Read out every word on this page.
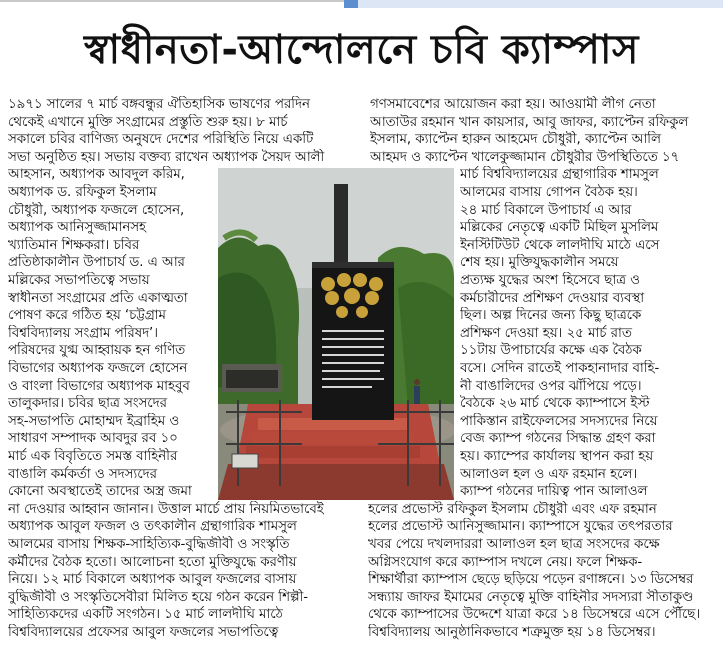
স্বাধীনতা-আন্দোলনে চবি ক্যাম্পাস
১৯৭১ সালের ৭ মার্চ বঙ্গবন্ধুর ঐতিহাসিক ভাষণের পরদিন
থেকেই এখানে মুক্তি সংগ্রামের প্রস্তুতি শুরু হয়। ৮ মার্চ
সকালে চবির বাণিজ্য অনুষদে দেশের পরিস্থিতি নিয়ে একটি
সভা অনুষ্ঠিত হয়। সভায় বক্তব্য রাখেন অধ্যাপক সৈয়দ আলী
আহসান, অধ্যাপক আবদুল করিম,
অধ্যাপক ড. রফিকুল ইসলাম
চৌধুরী, অধ্যাপক ফজলে হোসেন,
অধ্যাপক আনিসুজ্জামানসহ
খ্যাতিমান শিক্ষকরা। চবির
প্রতিষ্ঠাকালীন উপাচার্য ড. এ আর
মল্লিকের সভাপতিত্বে সভায়
স্বাধীনতা সংগ্রামের প্রতি একাত্মতা
পোষণ করে গঠিত হয় ‘চট্টগ্রাম
বিশ্ববিদ্যালয় সংগ্রাম পরিষদ’।
পরিষদের যুগ্ম আহ্বায়ক হন গণিত
বিভাগের অধ্যাপক ফজলে হোসেন
ও বাংলা বিভাগের অধ্যাপক মাহবুব
তালুকদার। চবির ছাত্র সংসদের
সহ-সভাপতি মোহাম্মদ ইব্রাহিম ও
সাধারণ সম্পাদক আবদুর রব ১০
মার্চ এক বিবৃতিতে সমস্ত বাহিনীর
বাঙালি কর্মকর্তা ও সদস্যদের
কোনো অবস্থাতেই তাদের অস্ত্র জমা
না দেওয়ার আহ্বান জানান। উত্তাল মার্চে প্রায় নিয়মিতভাবেই
অধ্যাপক আবুল ফজল ও তৎকালীন গ্রন্থাগারিক শামসুল
আলমের বাসায় শিক্ষক-সাহিত্যিক-বুদ্ধিজীবী ও সংস্কৃতি
কর্মীদের বৈঠক হতো। আলোচনা হতো মুক্তিযুদ্ধে করণীয়
নিয়ে। ১২ মার্চ বিকালে অধ্যাপক আবুল ফজলের বাসায়
বুদ্ধিজীবী ও সংস্কৃতিসেবীরা মিলিত হয়ে গঠন করেন শিল্পী-
সাহিত্যিকদের একটি সংগঠন। ১৫ মার্চ লালদীঘি মাঠে
বিশ্ববিদ্যালয়ের প্রফেসর আবুল ফজলের সভাপতিত্বে
গণসমাবেশের আয়োজন করা হয়। আওয়ামী লীগ নেতা
আতাউর রহমান খান কায়সার, আবু জাফর, ক্যাপ্টেন রফিকুল
ইসলাম, ক্যাপ্টেন হারুন আহমেদ চৌধুরী, ক্যাপ্টেন আলি
আহমদ ও ক্যাপ্টেন খালেকুজ্জামান চৌধুরীর উপস্থিতিতে ১৭
মার্চ বিশ্ববিদ্যালয়ের গ্রন্থাগারিক শামসুল
আলমের বাসায় গোপন বৈঠক হয়।
২৪ মার্চ বিকালে উপাচার্য এ আর
মল্লিকের নেতৃত্বে একটি মিছিল মুসলিম
ইনস্টিটিউট থেকে লালদীঘি মাঠে এসে
শেষ হয়। মুক্তিযুদ্ধকালীন সময়ে
প্রত্যক্ষ যুদ্ধের অংশ হিসেবে ছাত্র ও
কর্মচারীদের প্রশিক্ষণ দেওয়ার ব্যবস্থা
ছিল। অল্প দিনের জন্য কিছু ছাত্রকে
প্রশিক্ষণ দেওয়া হয়। ২৫ মার্চ রাত
১১টায় উপাচার্যের কক্ষে এক বৈঠক
বসে। সেদিন রাতেই পাকহানাদার বাহি-
নী বাঙালিদের ওপর ঝাঁপিয়ে পড়ে।
বৈঠকে ২৬ মার্চ থেকে ক্যাম্পাসে ইস্ট
পাকিস্তান রাইফেলসের সদস্যদের নিয়ে
বেজ ক্যাম্প গঠনের সিদ্ধান্ত গ্রহণ করা
হয়। ক্যাম্পের কার্যালয় স্থাপন করা হয়
আলাওল হল ও এফ রহমান হলে।
ক্যাম্প গঠনের দায়িত্ব পান আলাওল
হলের প্রভোস্ট রফিকুল ইসলাম চৌধুরী এবং এফ রহমান
হলের প্রভোস্ট আনিসুজ্জামান। ক্যাম্পাসে যুদ্ধের তৎপরতার
খবর পেয়ে দখলদাররা আলাওল হল ছাত্র সংসদের কক্ষে
অগ্নিসংযোগ করে ক্যাম্পাস দখলে নেয়। ফলে শিক্ষক-
শিক্ষার্থীরা ক্যাম্পাস ছেড়ে ছড়িয়ে পড়েন রণাঙ্গনে। ১৩ ডিসেম্বর
সন্ধ্যায় জাফর ইমামের নেতৃত্বে মুক্তি বাহিনীর সদস্যরা সীতাকুণ্ড
থেকে ক্যাম্পাসের উদ্দেশে যাত্রা করে ১৪ ডিসেম্বরে এসে পৌঁছে।
বিশ্ববিদ্যালয় আনুষ্ঠানিকভাবে শত্রুমুক্ত হয় ১৪ ডিসেম্বর।
